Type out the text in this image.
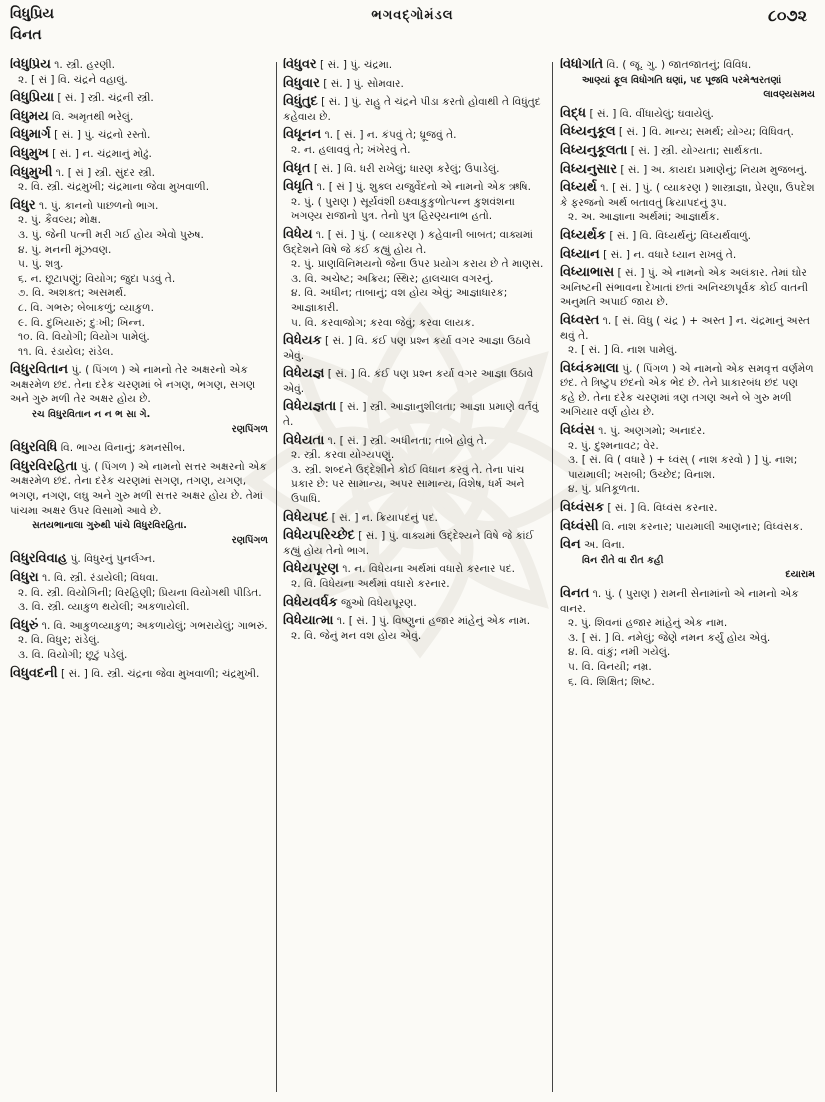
વિધુપ્રિય
વિનત
ભગવદ્ગોમંડલ	૮૦૭૨
વિધુપ્રિય ૧. સ્ત્રી. હરણી.
૨. [ સં ] વિ. ચંદ્રને વહાલું.
વિધુપ્રિયા [ સં. ] સ્ત્રી. ચંદ્રની સ્ત્રી.
વિધુમય વિ. અમૃતથી ભરેલું.
વિધુમાર્ગ [ સં. ] પું. ચંદ્રનો રસ્તો.
વિધુમુખ [ સં. ] ન. ચંદ્રમાનું મોઢું.
વિધુમુખી ૧. [ સં ] સ્ત્રી. સુંદર સ્ત્રી.
૨. વિ. સ્ત્રી. ચંદ્રમુખી; ચંદ્રમાના જેવા મુખવાળી.
વિધુર ૧. પું. કાનનો પાછળનો ભાગ.
૨. પું. કૈવલ્ય; મોક્ષ.
૩. પું. જેની પત્ની મરી ગઈ હોય એવો પુરુષ.
૪. પું. મનની મૂંઝવણ.
૫. પું. શત્રુ.
૬. ન. છૂટાપણું; વિયોગ; જુદા પડવું તે.
૭. વિ. અશક્ત; અસમર્થ.
૮. વિ. ગભરુ; બેબાકળું; વ્યાકુળ.
૯. વિ. દુખિયારું; દુઃખી; ખિન્ન.
૧૦. વિ. વિયોગી; વિયોગ પામેલું.
૧૧. વિ. રંડાયેલ; રાંડેલ.
વિધુરવિતાન પું. ( પિંગળ ) એ નામનો તેર અક્ષરનો એક અક્ષરમેળ છંદ. તેના દરેક ચરણમાં બે નગણ, ભગણ, સગણ અને ગુરુ મળી તેર અક્ષર હોય છે.
રચ વિધુરવિતાન ન ન ભ સા ગે.
રણપિંગળ
વિધુરવિધિ વિ. ભાગ્ય વિનાનું; કમનસીબ.
વિધુરવિરહિતા પું. ( પિંગળ ) એ નામનો સત્તર અક્ષરનો એક અક્ષરમેળ છંદ. તેના દરેક ચરણમાં સગણ, તગણ, યગણ, ભગણ, નગણ, લઘુ અને ગુરુ મળી સત્તર અક્ષર હોય છે. તેમાં પાંચમા અક્ષર ઉપર વિસામો આવે છે.
સતયભાનાલા ગુરુથી પાંચે વિધુરવિરહિતા.
રણપિંગળ
વિધુરવિવાહ પું. વિધુરનું પુનર્લગ્ન.
વિધુરા ૧. વિ. સ્ત્રી. રંડાયેલી; વિધવા.
૨. વિ. સ્ત્રી. વિયોગિની; વિરહિણી; પ્રિયના વિયોગથી પીડિત.
૩. વિ. સ્ત્રી. વ્યાકુળ થયેલી; અકળાયેલી.
વિધુરું ૧. વિ. આકુળવ્યાકુળ; અકળાયેલું; ગભરાયેલું; ગાભરું.
૨. વિ. વિધુર; રાંડેલું.
૩. વિ. વિયોગી; છૂટું પડેલું.
વિધુવદની [ સં. ] વિ. સ્ત્રી. ચંદ્રના જેવા મુખવાળી; ચંદ્રમુખી.
વિધુવર [ સં. ] પું. ચંદ્રમા.
વિધુવાર [ સં. ] પું. સોમવાર.
વિધુંતુદ [ સં. ] પું. રાહુ તે ચંદ્રને પીડા કરતો હોવાથી તે વિધુંતુદ કહેવાય છે.
વિધૂનન ૧. [ સં. ] ન. કંપવું તે; ધ્રૂજવું તે.
૨. ન. હલાવવું તે; ખંખેરવું તે.
વિધૃત [ સં. ] વિ. ધરી રાખેલું; ધારણ કરેલું; ઉપાડેલું.
વિધૃતિ ૧. [ સં ] પું. શુક્લ યજુર્વેદનો એ નામનો એક ઋષિ.
૨. પું. ( પુરાણ ) સૂર્યવંશી ઇક્ષ્વાકુકુળોત્પન્ન કુશવંશના ખગણ્ય રાજાનો પુત્ર. તેનો પુત્ર હિરણ્યનાભ હતો.
વિધેય ૧. [ સં. ] પું. ( વ્યાકરણ ) કહેવાની બાબત; વાક્યમાં ઉદ્દેશને વિષે જે કંઈ કહ્યું હોય તે.
૨. પું. પ્રાણવિનિમયનો જેના ઉપર પ્રયોગ કરાય છે તે માણસ.
૩. વિ. અચેષ્ટ; અક્રિય; સ્થિર; હાલચાલ વગરનું.
૪. વિ. અધીન; તાબાનું; વશ હોય એવું; આજ્ઞાધારક; આજ્ઞાકારી.
૫. વિ. કરવાજોગ; કરવા જેવું; કરવા લાયક.
વિધેયક [ સં. ] વિ. કંઈ પણ પ્રશ્ન કર્યા વગર આજ્ઞા ઉઠાવે એવું.
વિધેયજ્ઞ [ સં. ] વિ. કંઈ પણ પ્રશ્ન કર્યા વગર આજ્ઞા ઉઠાવે એવું.
વિધેયજ્ઞતા [ સં. ] સ્ત્રી. આજ્ઞાનુશીલતા; આજ્ઞા પ્રમાણે વર્તવું તે.
વિધેયતા ૧. [ સં. ] સ્ત્રી. અધીનતા; તાબે હોવું તે.
૨. સ્ત્રી. કરવા યોગ્યપણું.
૩. સ્ત્રી. શબ્દને ઉદ્દેશીને કોઈ વિધાન કરવું તે. તેના પાંચ પ્રકાર છે: પર સામાન્ય, અપર સામાન્ય, વિશેષ, ધર્મ અને ઉપાધિ.
વિધેયપદ [ સં. ] ન. ક્રિયાપદનું પદ.
વિધેયપરિચ્છેદ [ સં. ] પું. વાક્યમાં ઉદ્દેશ્યને વિષે જે કાંઈ કહ્યું હોય તેનો ભાગ.
વિધેયપૂરણ ૧. ન. વિધેયના અર્થમાં વધારો કરનાર પદ.
૨. વિ. વિધેયના અર્થમાં વધારો કરનાર.
વિધેયવર્ધક જુઓ વિધેયપૂરણ.
વિધેયાત્મા ૧. [ સં. ] પું. વિષ્ણુનાં હજાર માંહેનું એક નામ.
૨. વિ. જેનું મન વશ હોય એવું.
વિધોગતિ વિ. ( જૂ. ગુ. ) જાતજાતનું; વિવિધ.
આણ્યાં ફૂલ વિધોગતિ ઘણાં, પદ પૂજવિ પરમેશ્વરતણાં
લાવણ્યસમય
વિદ્ધ [ સં. ] વિ. વીંધાયેલું; ઘવાયેલું.
વિધ્યનુકૂલ [ સં. ] વિ. માન્ય; સમર્થ; યોગ્ય; વિધિવત્.
વિધ્યનુકૂલતા [ સં. ] સ્ત્રી. યોગ્યતા; સાર્થકતા.
વિધ્યનુસાર [ સં. ] અ. કાયદા પ્રમાણેનું; નિયમ મુજબનું.
વિધ્યર્થ ૧. [ સં. ] પું. ( વ્યાકરણ ) શાસ્ત્રાજ્ઞા, પ્રેરણા, ઉપદેશ કે ફરજનો અર્થ બતાવતું ક્રિયાપદનું રૂપ.
૨. અ. આજ્ઞાના અર્થમાં; આજ્ઞાર્થક.
વિધ્યર્થક [ સં. ] વિ. વિધ્યર્થનું; વિધ્યર્થવાળું.
વિધ્યાન [ સં. ] ન. વધારે ધ્યાન રાખવું તે.
વિધ્યાભાસ [ સં. ] પું. એ નામનો એક અલંકાર. તેમાં ઘોર અનિષ્ટની સંભાવના દેખાતાં છતાં અનિચ્છાપૂર્વક કોઈ વાતની અનુમતિ અપાઈ જાય છે.
વિધ્વસ્ત ૧. [ સં. વિધુ ( ચંદ્ર ) + અસ્ત ] ન. ચંદ્રમાનું અસ્ત થવું તે.
૨. [ સં. ] વિ. નાશ પામેલું.
વિધ્વંકમાલા પું. ( પિંગળ ) એ નામનો એક સમવૃત્ત વર્ણમેળ છંદ. તે ત્રિષ્ટુપ છંદનો એક ભેદ છે. તેને પ્રાકારબંધ છંદ પણ કહે છે. તેના દરેક ચરણમાં ત્રણ તગણ અને બે ગુરુ મળી અગિયાર વર્ણ હોય છે.
વિધ્વંસ ૧. પું. અણગમો; અનાદર.
૨. પું. દુશ્મનાવટ; વેર.
૩. [ સં. વિ ( વધારે ) + ધ્વંસ્ ( નાશ કરવો ) ] પું. નાશ; પાયમાલી; ખરાબી; ઉચ્છેદ; વિનાશ.
૪. પું. પ્રતિકૂળતા.
વિધ્વંસક [ સં. ] વિ. વિધ્વંસ કરનાર.
વિધ્વંસી વિ. નાશ કરનાર; પાયમાલી આણનાર; વિધ્વંસક.
વિન અ. વિના.
વિન રીતે વા રીત કહી
દયારામ
વિનત ૧. પું. ( પુરાણ ) રામની સેનામાંનો એ નામનો એક વાનર.
૨. પું. શિવનાં હજાર માંહેનું એક નામ.
૩. [ સં. ] વિ. નમેલું; જેણે નમન કર્યું હોય એવું.
૪. વિ. વાંકું; નમી ગયેલું.
૫. વિ. વિનયી; નમ્ર.
૬. વિ. શિક્ષિત; શિષ્ટ.
